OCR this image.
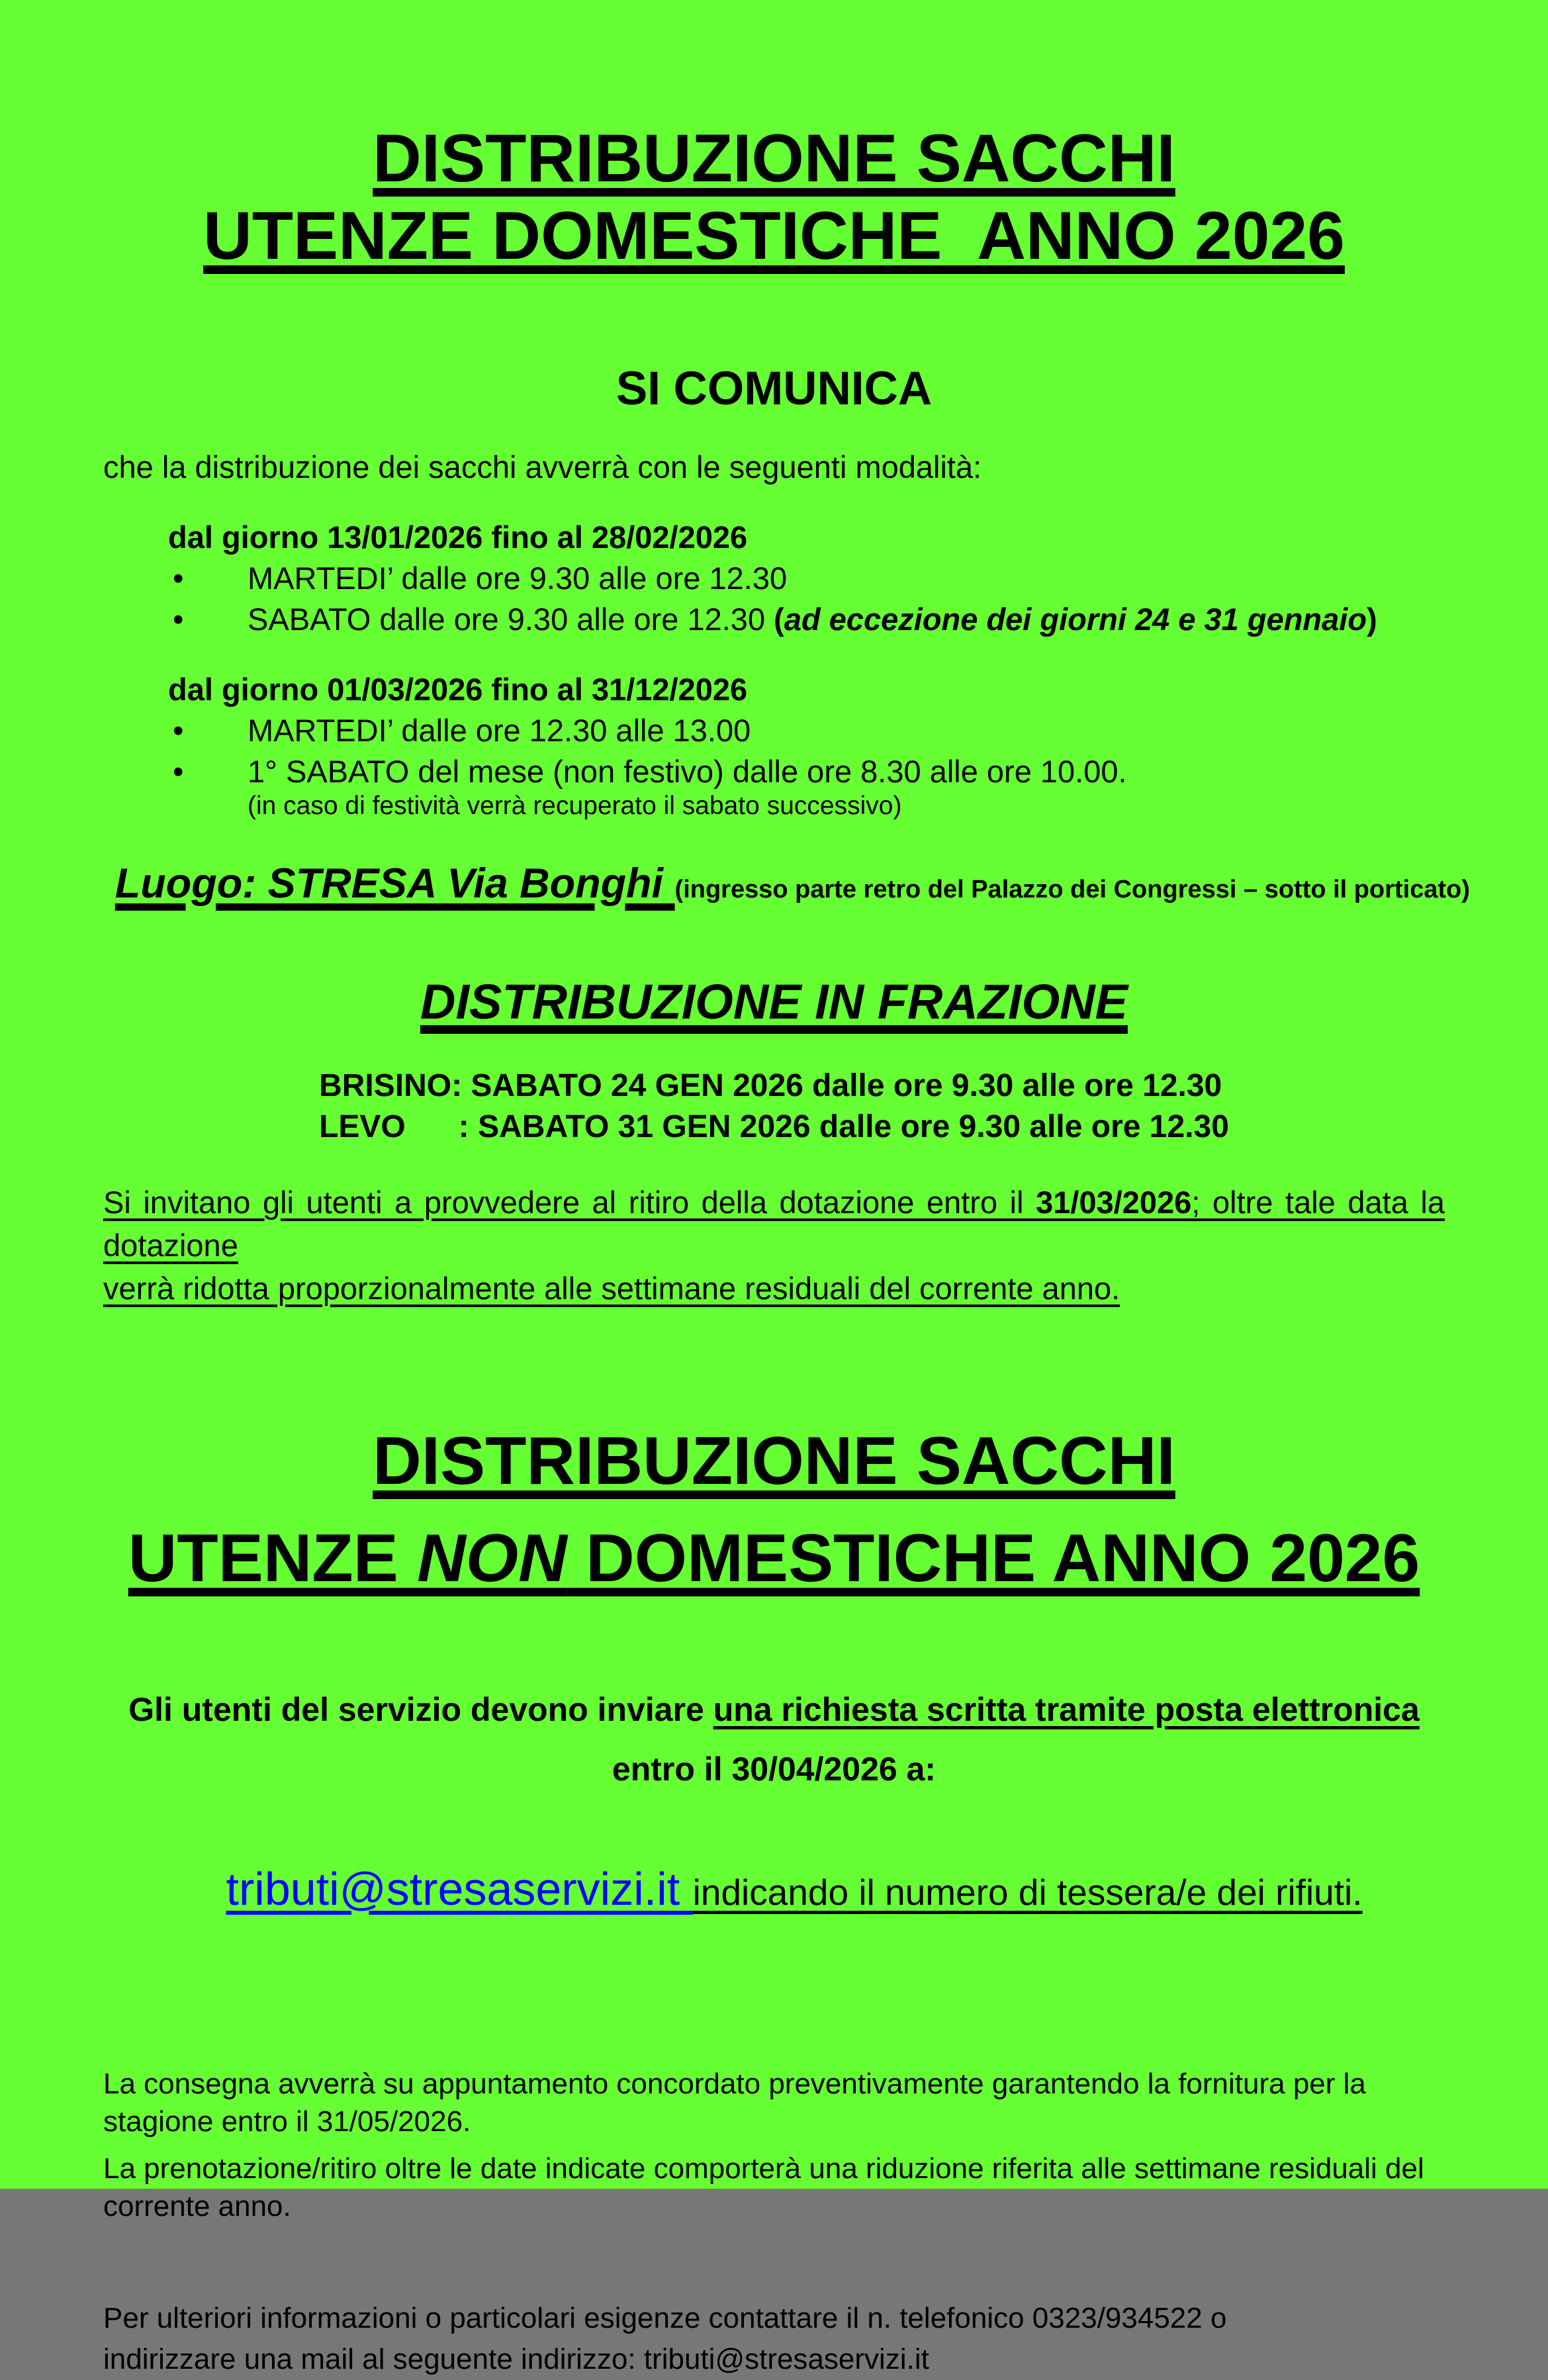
DISTRIBUZIONE SACCHI
UTENZE DOMESTICHE  ANNO 2026
SI COMUNICA

che la distribuzione dei sacchi avverrà con le seguenti modalità:

dal giorno 13/01/2026 fino al 28/02/2026
•	MARTEDI’ dalle ore 9.30 alle ore 12.30
•	SABATO dalle ore 9.30 alle ore 12.30 (ad eccezione dei giorni 24 e 31 gennaio)
dal giorno 01/03/2026 fino al 31/12/2026
•	MARTEDI’ dalle ore 12.30 alle 13.00
•	1° SABATO del mese (non festivo) dalle ore 8.30 alle ore 10.00.
(in caso di festività verrà recuperato il sabato successivo)

Luogo: STRESA Via Bonghi (ingresso parte retro del Palazzo dei Congressi – sotto il porticato)

DISTRIBUZIONE IN FRAZIONE
BRISINO: SABATO 24 GEN 2026 dalle ore 9.30 alle ore 12.30
LEVO      : SABATO 31 GEN 2026 dalle ore 9.30 alle ore 12.30
Si invitano gli utenti a provvedere al ritiro della dotazione entro il 31/03/2026; oltre tale data la dotazione
verrà ridotta proporzionalmente alle settimane residuali del corrente anno.
DISTRIBUZIONE SACCHI
UTENZE NON DOMESTICHE ANNO 2026
Gli utenti del servizio devono inviare una richiesta scritta tramite posta elettronica
entro il 30/04/2026 a:

tributi@stresaservizi.it indicando il numero di tessera/e dei rifiuti.

La consegna avverrà su appuntamento concordato preventivamente garantendo la fornitura per la
stagione entro il 31/05/2026.
La prenotazione/ritiro oltre le date indicate comporterà una riduzione riferita alle settimane residuali del
corrente anno.
Per ulteriori informazioni o particolari esigenze contattare il n. telefonico 0323/934522 o
indirizzare una mail al seguente indirizzo: tributi@stresaservizi.it
